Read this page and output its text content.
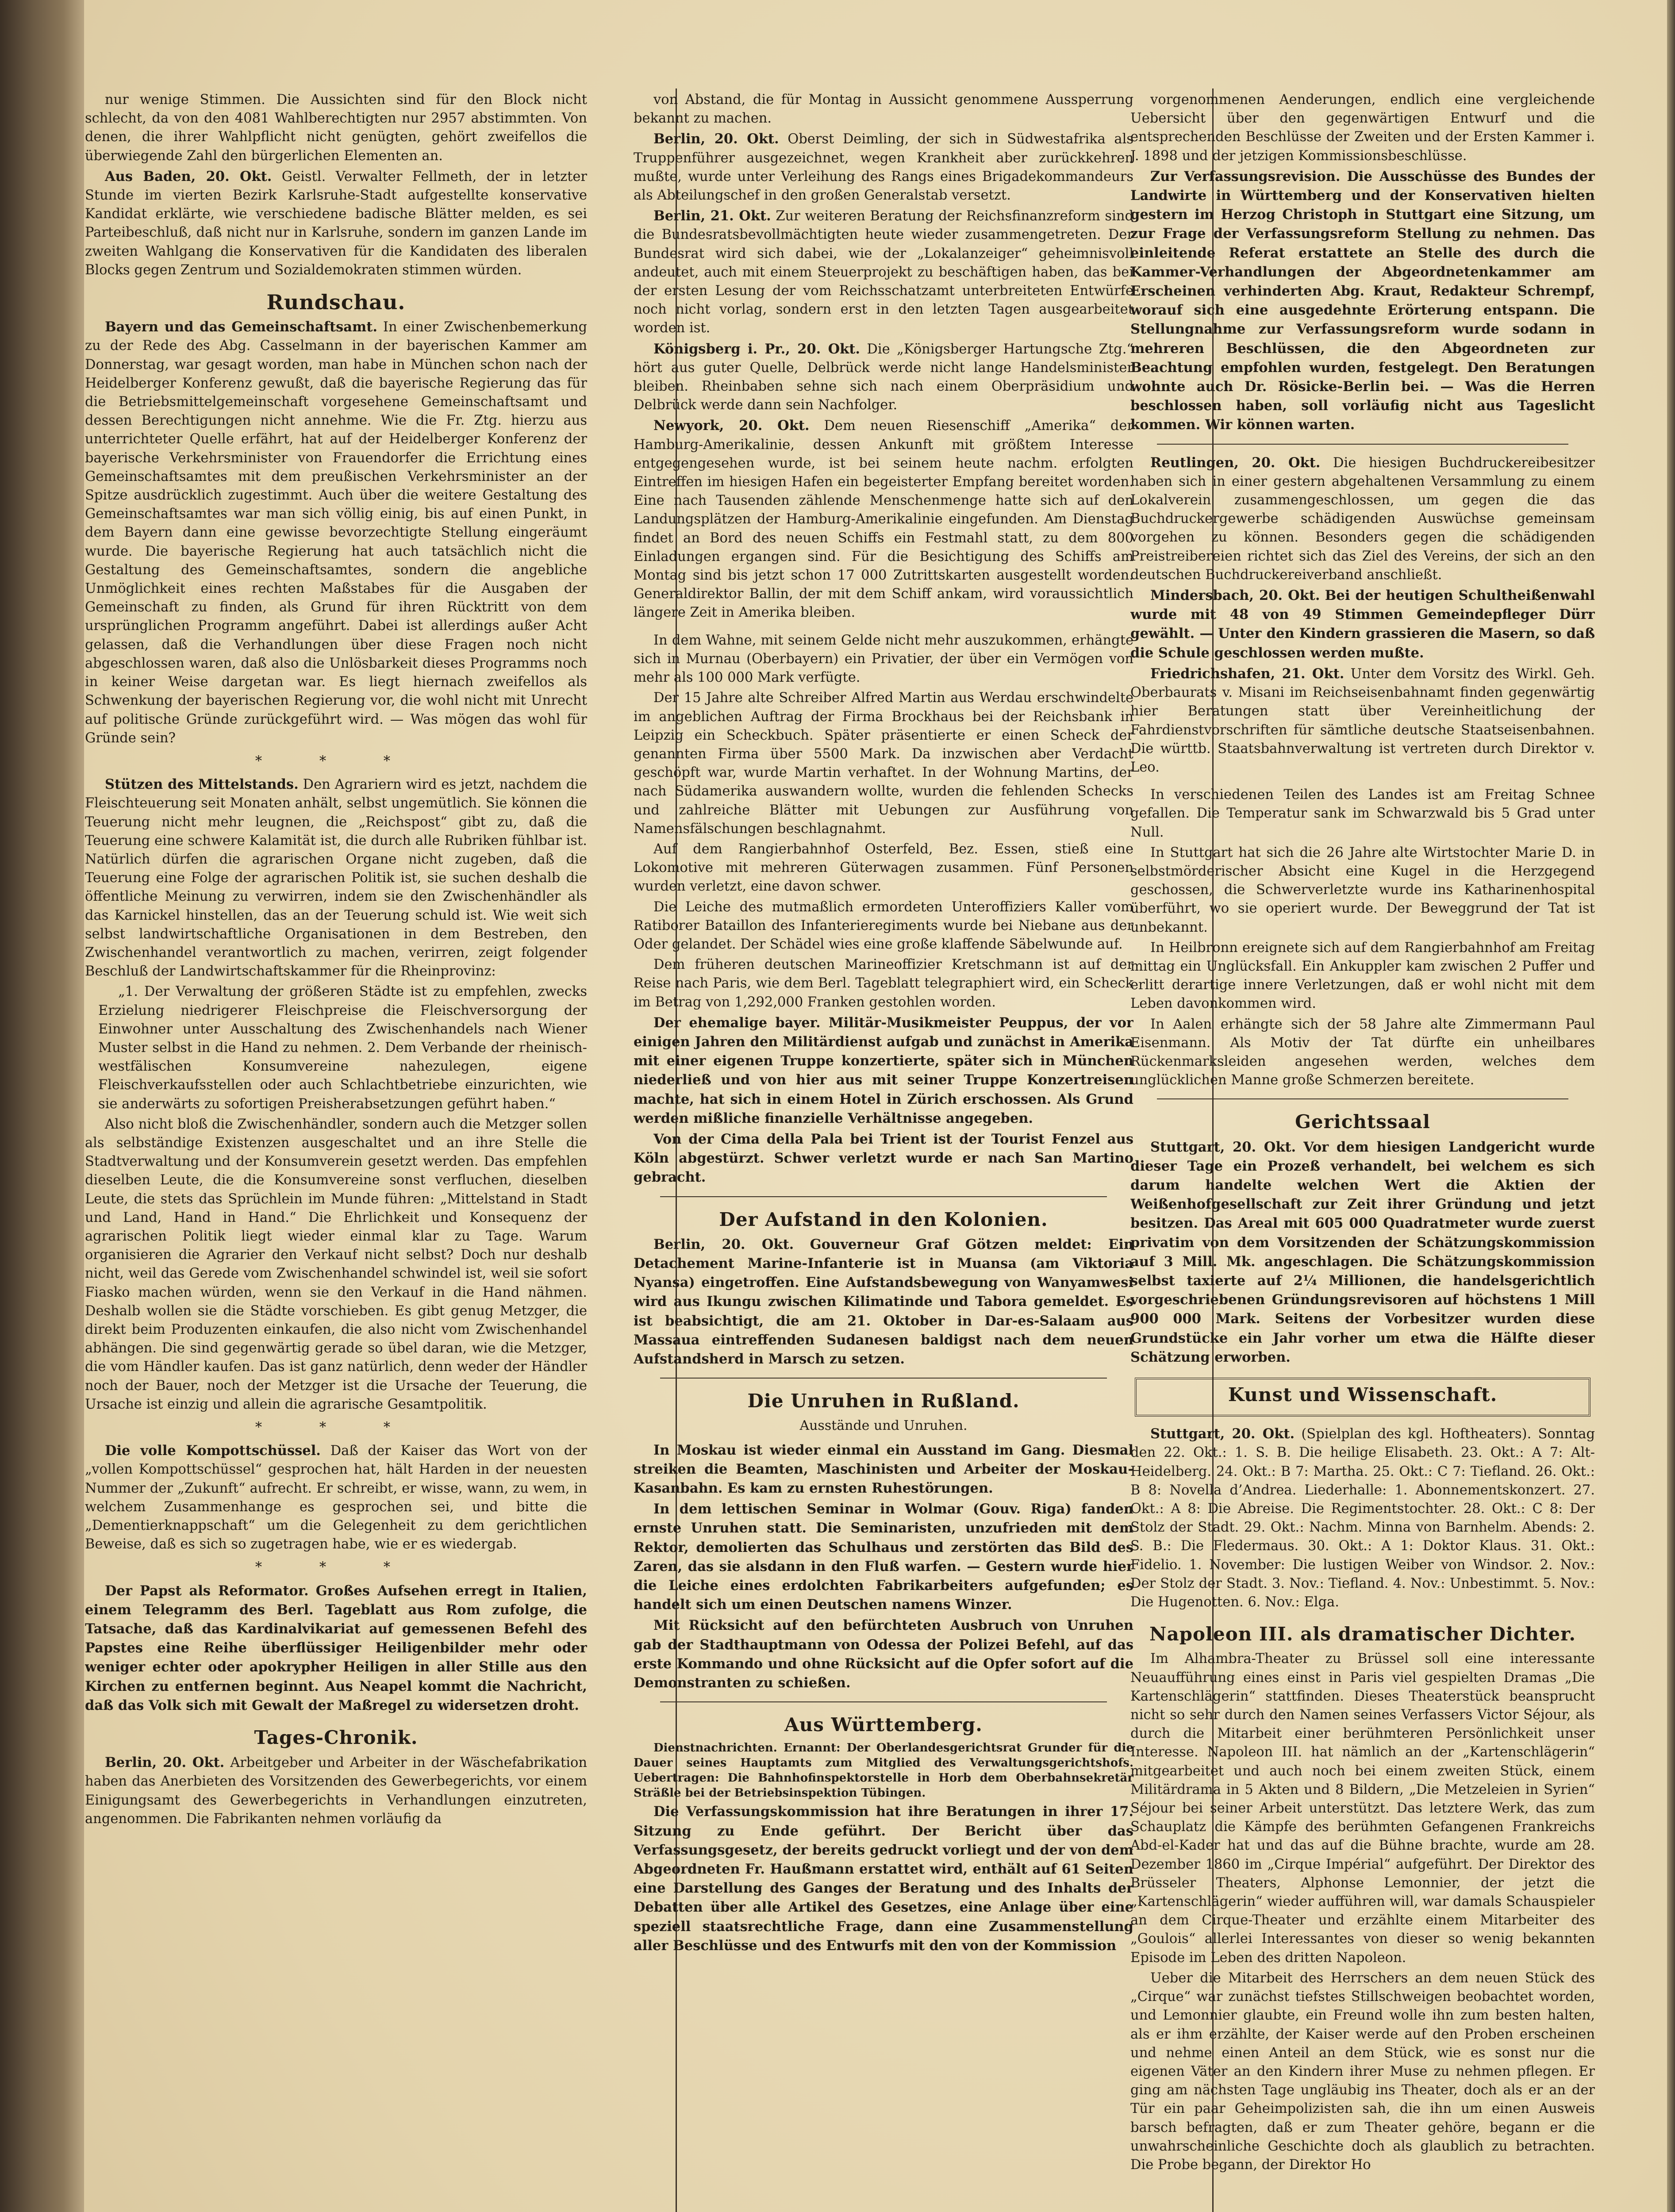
nur wenige Stimmen. Die Aussichten sind für den Block nicht schlecht, da von den 4081 Wahlberechtigten nur 2957 abstimmten. Von denen, die ihrer Wahlpflicht nicht genügten, gehört zweifellos die überwiegende Zahl den bürgerlichen Elementen an.

Aus Baden, 20. Okt. Geistl. Verwalter Fellmeth, der in letzter Stunde im vierten Bezirk Karlsruhe-Stadt aufgestellte konservative Kandidat erklärte, wie verschiedene badische Blätter melden, es sei Parteibeschluß, daß nicht nur in Karlsruhe, sondern im ganzen Lande im zweiten Wahlgang die Konservativen für die Kandidaten des liberalen Blocks gegen Zentrum und Sozialdemokraten stimmen würden.

Rundschau.

Bayern und das Gemeinschaftsamt. In einer Zwischenbemerkung zu der Rede des Abg. Casselmann in der bayerischen Kammer am Donnerstag, war gesagt worden, man habe in München schon nach der Heidelberger Konferenz gewußt, daß die bayerische Regierung das für die Betriebsmittelgemeinschaft vorgesehene Gemeinschaftsamt und dessen Berechtigungen nicht annehme. Wie die Fr. Ztg. hierzu aus unterrichteter Quelle erfährt, hat auf der Heidelberger Konferenz der bayerische Verkehrsminister von Frauendorfer die Errichtung eines Gemeinschaftsamtes mit dem preußischen Verkehrsminister an der Spitze ausdrücklich zugestimmt. Auch über die weitere Gestaltung des Gemeinschaftsamtes war man sich völlig einig, bis auf einen Punkt, in dem Bayern dann eine gewisse bevorzechtigte Stellung eingeräumt wurde. Die bayerische Regierung hat auch tatsächlich nicht die Gestaltung des Gemeinschaftsamtes, sondern die angebliche Unmöglichkeit eines rechten Maßstabes für die Ausgaben der Gemeinschaft zu finden, als Grund für ihren Rücktritt von dem ursprünglichen Programm angeführt. Dabei ist allerdings außer Acht gelassen, daß die Verhandlungen über diese Fragen noch nicht abgeschlossen waren, daß also die Unlösbarkeit dieses Programms noch in keiner Weise dargetan war. Es liegt hiernach zweifellos als Schwenkung der bayerischen Regierung vor, die wohl nicht mit Unrecht auf politische Gründe zurückgeführt wird. — Was mögen das wohl für Gründe sein?

* * *

Stützen des Mittelstands. Den Agrariern wird es jetzt, nachdem die Fleischteuerung seit Monaten anhält, selbst ungemütlich. Sie können die Teuerung nicht mehr leugnen, die „Reichspost“ gibt zu, daß die Teuerung eine schwere Kalamität ist, die durch alle Rubriken fühlbar ist. Natürlich dürfen die agrarischen Organe nicht zugeben, daß die Teuerung eine Folge der agrarischen Politik ist, sie suchen deshalb die öffentliche Meinung zu verwirren, indem sie den Zwischenhändler als das Karnickel hinstellen, das an der Teuerung schuld ist. Wie weit sich selbst landwirtschaftliche Organisationen in dem Bestreben, den Zwischenhandel verantwortlich zu machen, verirren, zeigt folgender Beschluß der Landwirtschaftskammer für die Rheinprovinz:

„1. Der Verwaltung der größeren Städte ist zu empfehlen, zwecks Erzielung niedrigerer Fleischpreise die Fleischversorgung der Einwohner unter Ausschaltung des Zwischenhandels nach Wiener Muster selbst in die Hand zu nehmen. 2. Dem Verbande der rheinisch-westfälischen Konsumvereine nahezulegen, eigene Fleischverkaufsstellen oder auch Schlachtbetriebe einzurichten, wie sie anderwärts zu sofortigen Preisherabsetzungen geführt haben.“

Also nicht bloß die Zwischenhändler, sondern auch die Metzger sollen als selbständige Existenzen ausgeschaltet und an ihre Stelle die Stadtverwaltung und der Konsumverein gesetzt werden. Das empfehlen dieselben Leute, die die Konsumvereine sonst verfluchen, dieselben Leute, die stets das Sprüchlein im Munde führen: „Mittelstand in Stadt und Land, Hand in Hand.“ Die Ehrlichkeit und Konsequenz der agrarischen Politik liegt wieder einmal klar zu Tage. Warum organisieren die Agrarier den Verkauf nicht selbst? Doch nur deshalb nicht, weil das Gerede vom Zwischenhandel schwindel ist, weil sie sofort Fiasko machen würden, wenn sie den Verkauf in die Hand nähmen. Deshalb wollen sie die Städte vorschieben. Es gibt genug Metzger, die direkt beim Produzenten einkaufen, die also nicht vom Zwischenhandel abhängen. Die sind gegenwärtig gerade so übel daran, wie die Metzger, die vom Händler kaufen. Das ist ganz natürlich, denn weder der Händler noch der Bauer, noch der Metzger ist die Ursache der Teuerung, die Ursache ist einzig und allein die agrarische Gesamtpolitik.

* * *

Die volle Kompottschüssel. Daß der Kaiser das Wort von der „vollen Kompottschüssel“ gesprochen hat, hält Harden in der neuesten Nummer der „Zukunft“ aufrecht. Er schreibt, er wisse, wann, zu wem, in welchem Zusammenhange es gesprochen sei, und bitte die „Dementierknappschaft“ um die Gelegenheit zu dem gerichtlichen Beweise, daß es sich so zugetragen habe, wie er es wiedergab.

* * *

Der Papst als Reformator. Großes Aufsehen erregt in Italien, einem Telegramm des Berl. Tageblatt aus Rom zufolge, die Tatsache, daß das Kardinalvikariat auf gemessenen Befehl des Papstes eine Reihe überflüssiger Heiligenbilder mehr oder weniger echter oder apokrypher Heiligen in aller Stille aus den Kirchen zu entfernen beginnt. Aus Neapel kommt die Nachricht, daß das Volk sich mit Gewalt der Maßregel zu widersetzen droht.

Tages-Chronik.

Berlin, 20. Okt. Arbeitgeber und Arbeiter in der Wäschefabrikation haben das Anerbieten des Vorsitzenden des Gewerbegerichts, vor einem Einigungsamt des Gewerbegerichts in Verhandlungen einzutreten, angenommen. Die Fabrikanten nehmen vorläufig da

von Abstand, die für Montag in Aussicht genommene Aussperrung bekannt zu machen.

Berlin, 20. Okt. Oberst Deimling, der sich in Südwestafrika als Truppenführer ausgezeichnet, wegen Krankheit aber zurückkehren mußte, wurde unter Verleihung des Rangs eines Brigadekommandeurs als Abteilungschef in den großen Generalstab versetzt.

Berlin, 21. Okt. Zur weiteren Beratung der Reichsfinanzreform sind die Bundesratsbevollmächtigten heute wieder zusammengetreten. Der Bundesrat wird sich dabei, wie der „Lokalanzeiger“ geheimnisvoll andeutet, auch mit einem Steuerprojekt zu beschäftigen haben, das bei der ersten Lesung der vom Reichsschatzamt unterbreiteten Entwürfe noch nicht vorlag, sondern erst in den letzten Tagen ausgearbeitet worden ist.

Königsberg i. Pr., 20. Okt. Die „Königsberger Hartungsche Ztg.“ hört aus guter Quelle, Delbrück werde nicht lange Handelsminister bleiben. Rheinbaben sehne sich nach einem Oberpräsidium und Delbrück werde dann sein Nachfolger.

Newyork, 20. Okt. Dem neuen Riesenschiff „Amerika“ der Hamburg-Amerikalinie, dessen Ankunft mit größtem Interesse entgegengesehen wurde, ist bei seinem heute nachm. erfolgten Eintreffen im hiesigen Hafen ein begeisterter Empfang bereitet worden. Eine nach Tausenden zählende Menschenmenge hatte sich auf den Landungsplätzen der Hamburg-Amerikalinie eingefunden. Am Dienstag findet an Bord des neuen Schiffs ein Festmahl statt, zu dem 800 Einladungen ergangen sind. Für die Besichtigung des Schiffs am Montag sind bis jetzt schon 17 000 Zutrittskarten ausgestellt worden. Generaldirektor Ballin, der mit dem Schiff ankam, wird voraussichtlich längere Zeit in Amerika bleiben.

In dem Wahne, mit seinem Gelde nicht mehr auszukommen, erhängte sich in Murnau (Oberbayern) ein Privatier, der über ein Vermögen von mehr als 100 000 Mark verfügte.

Der 15 Jahre alte Schreiber Alfred Martin aus Werdau erschwindelte im angeblichen Auftrag der Firma Brockhaus bei der Reichsbank in Leipzig ein Scheckbuch. Später präsentierte er einen Scheck der genannten Firma über 5500 Mark. Da inzwischen aber Verdacht geschöpft war, wurde Martin verhaftet. In der Wohnung Martins, der nach Südamerika auswandern wollte, wurden die fehlenden Schecks und zahlreiche Blätter mit Uebungen zur Ausführung von Namensfälschungen beschlagnahmt.

Auf dem Rangierbahnhof Osterfeld, Bez. Essen, stieß eine Lokomotive mit mehreren Güterwagen zusammen. Fünf Personen wurden verletzt, eine davon schwer.

Die Leiche des mutmaßlich ermordeten Unteroffiziers Kaller vom Ratiborer Bataillon des Infanterieregiments wurde bei Niebane aus der Oder gelandet. Der Schädel wies eine große klaffende Säbelwunde auf.

Dem früheren deutschen Marineoffizier Kretschmann ist auf der Reise nach Paris, wie dem Berl. Tageblatt telegraphiert wird, ein Scheck im Betrag von 1,292,000 Franken gestohlen worden.

Der ehemalige bayer. Militär-Musikmeister Peuppus, der vor einigen Jahren den Militärdienst aufgab und zunächst in Amerika mit einer eigenen Truppe konzertierte, später sich in München niederließ und von hier aus mit seiner Truppe Konzertreisen machte, hat sich in einem Hotel in Zürich erschossen. Als Grund werden mißliche finanzielle Verhältnisse angegeben.

Von der Cima della Pala bei Trient ist der Tourist Fenzel aus Köln abgestürzt. Schwer verletzt wurde er nach San Martino gebracht.

Der Aufstand in den Kolonien.

Berlin, 20. Okt. Gouverneur Graf Götzen meldet: Ein Detachement Marine-Infanterie ist in Muansa (am Viktoria Nyansa) eingetroffen. Eine Aufstandsbewegung von Wanyamwesi wird aus Ikungu zwischen Kilimatinde und Tabora gemeldet. Es ist beabsichtigt, die am 21. Oktober in Dar-es-Salaam aus Massaua eintreffenden Sudanesen baldigst nach dem neuen Aufstandsherd in Marsch zu setzen.

Die Unruhen in Rußland.
Ausstände und Unruhen.

In Moskau ist wieder einmal ein Ausstand im Gang. Diesmal streiken die Beamten, Maschinisten und Arbeiter der Moskau-Kasanbahn. Es kam zu ernsten Ruhestörungen.

In dem lettischen Seminar in Wolmar (Gouv. Riga) fanden ernste Unruhen statt. Die Seminaristen, unzufrieden mit dem Rektor, demolierten das Schulhaus und zerstörten das Bild des Zaren, das sie alsdann in den Fluß warfen. — Gestern wurde hier die Leiche eines erdolchten Fabrikarbeiters aufgefunden; es handelt sich um einen Deutschen namens Winzer.

Mit Rücksicht auf den befürchteten Ausbruch von Unruhen gab der Stadthauptmann von Odessa der Polizei Befehl, auf das erste Kommando und ohne Rücksicht auf die Opfer sofort auf die Demonstranten zu schießen.

Aus Württemberg.

Dienstnachrichten. Ernannt: Der Oberlandesgerichtsrat Grunder für die Dauer seines Hauptamts zum Mitglied des Verwaltungsgerichtshofs. Uebertragen: Die Bahnhofinspektorstelle in Horb dem Oberbahnsekretär Sträßle bei der Betriebsinspektion Tübingen.

Die Verfassungskommission hat ihre Beratungen in ihrer 17. Sitzung zu Ende geführt. Der Bericht über das Verfassungsgesetz, der bereits gedruckt vorliegt und der von dem Abgeordneten Fr. Haußmann erstattet wird, enthält auf 61 Seiten eine Darstellung des Ganges der Beratung und des Inhalts der Debatten über alle Artikel des Gesetzes, eine Anlage über eine speziell staatsrechtliche Frage, dann eine Zusammenstellung aller Beschlüsse und des Entwurfs mit den von der Kommission

vorgenommenen Aenderungen, endlich eine vergleichende Uebersicht über den gegenwärtigen Entwurf und die entsprechenden Beschlüsse der Zweiten und der Ersten Kammer i. J. 1898 und der jetzigen Kommissionsbeschlüsse.

Zur Verfassungsrevision. Die Ausschüsse des Bundes der Landwirte in Württemberg und der Konservativen hielten gestern im Herzog Christoph in Stuttgart eine Sitzung, um zur Frage der Verfassungsreform Stellung zu nehmen. Das einleitende Referat erstattete an Stelle des durch die Kammer-Verhandlungen der Abgeordnetenkammer am Erscheinen verhinderten Abg. Kraut, Redakteur Schrempf, worauf sich eine ausgedehnte Erörterung entspann. Die Stellungnahme zur Verfassungsreform wurde sodann in mehreren Beschlüssen, die den Abgeordneten zur Beachtung empfohlen wurden, festgelegt. Den Beratungen wohnte auch Dr. Rösicke-Berlin bei. — Was die Herren beschlossen haben, soll vorläufig nicht aus Tageslicht kommen. Wir können warten.

Reutlingen, 20. Okt. Die hiesigen Buchdruckereibesitzer haben sich in einer gestern abgehaltenen Versammlung zu einem Lokalverein zusammengeschlossen, um gegen die das Buchdruckergewerbe schädigenden Auswüchse gemeinsam vorgehen zu können. Besonders gegen die schädigenden Preistreibereien richtet sich das Ziel des Vereins, der sich an den deutschen Buchdruckereiverband anschließt.

Mindersbach, 20. Okt. Bei der heutigen Schultheißenwahl wurde mit 48 von 49 Stimmen Gemeindepfleger Dürr gewählt. — Unter den Kindern grassieren die Masern, so daß die Schule geschlossen werden mußte.

Friedrichshafen, 21. Okt. Unter dem Vorsitz des Wirkl. Geh. Oberbaurats v. Misani im Reichseisenbahnamt finden gegenwärtig hier Beratungen statt über Vereinheitlichung der Fahrdienstvorschriften für sämtliche deutsche Staatseisenbahnen. Die württb. Staatsbahnverwaltung ist vertreten durch Direktor v. Leo.

In verschiedenen Teilen des Landes ist am Freitag Schnee gefallen. Die Temperatur sank im Schwarzwald bis 5 Grad unter Null.

In Stuttgart hat sich die 26 Jahre alte Wirtstochter Marie D. in selbstmörderischer Absicht eine Kugel in die Herzgegend geschossen, die Schwerverletzte wurde ins Katharinenhospital überführt, wo sie operiert wurde. Der Beweggrund der Tat ist unbekannt.

In Heilbronn ereignete sich auf dem Rangierbahnhof am Freitag mittag ein Unglücksfall. Ein Ankuppler kam zwischen 2 Puffer und erlitt derartige innere Verletzungen, daß er wohl nicht mit dem Leben davonkommen wird.

In Aalen erhängte sich der 58 Jahre alte Zimmermann Paul Eisenmann. Als Motiv der Tat dürfte ein unheilbares Rückenmarksleiden angesehen werden, welches dem unglücklichen Manne große Schmerzen bereitete.

Gerichtssaal

Stuttgart, 20. Okt. Vor dem hiesigen Landgericht wurde dieser Tage ein Prozeß verhandelt, bei welchem es sich darum handelte welchen Wert die Aktien der Weißenhofgesellschaft zur Zeit ihrer Gründung und jetzt besitzen. Das Areal mit 605 000 Quadratmeter wurde zuerst privatim von dem Vorsitzenden der Schätzungskommission auf 3 Mill. Mk. angeschlagen. Die Schätzungskommission selbst taxierte auf 2¼ Millionen, die handelsgerichtlich vorgeschriebenen Gründungsrevisoren auf höchstens 1 Mill 900 000 Mark. Seitens der Vorbesitzer wurden diese Grundstücke ein Jahr vorher um etwa die Hälfte dieser Schätzung erworben.

Kunst und Wissenschaft.

Stuttgart, 20. Okt. (Spielplan des kgl. Hoftheaters). Sonntag den 22. Okt.: 1. S. B. Die heilige Elisabeth. 23. Okt.: A 7: Alt-Heidelberg. 24. Okt.: B 7: Martha. 25. Okt.: C 7: Tiefland. 26. Okt.: B 8: Novella d’Andrea. Liederhalle: 1. Abonnementskonzert. 27. Okt.: A 8: Die Abreise. Die Regimentstochter. 28. Okt.: C 8: Der Stolz der Stadt. 29. Okt.: Nachm. Minna von Barnhelm. Abends: 2. S. B.: Die Fledermaus. 30. Okt.: A 1: Doktor Klaus. 31. Okt.: Fidelio. 1. November: Die lustigen Weiber von Windsor. 2. Nov.: Der Stolz der Stadt. 3. Nov.: Tiefland. 4. Nov.: Unbestimmt. 5. Nov.: Die Hugenotten. 6. Nov.: Elga.

Napoleon III. als dramatischer Dichter.

Im Alhambra-Theater zu Brüssel soll eine interessante Neuaufführung eines einst in Paris viel gespielten Dramas „Die Kartenschlägerin“ stattfinden. Dieses Theaterstück beansprucht nicht so sehr durch den Namen seines Verfassers Victor Séjour, als durch die Mitarbeit einer berühmteren Persönlichkeit unser Interesse. Napoleon III. hat nämlich an der „Kartenschlägerin“ mitgearbeitet und auch noch bei einem zweiten Stück, einem Militärdrama in 5 Akten und 8 Bildern, „Die Metzeleien in Syrien“ Séjour bei seiner Arbeit unterstützt. Das letztere Werk, das zum Schauplatz die Kämpfe des berühmten Gefangenen Frankreichs Abd-el-Kader hat und das auf die Bühne brachte, wurde am 28. Dezember 1860 im „Cirque Impérial“ aufgeführt. Der Direktor des Brüsseler Theaters, Alphonse Lemonnier, der jetzt die „Kartenschlägerin“ wieder aufführen will, war damals Schauspieler an dem Cirque-Theater und erzählte einem Mitarbeiter des „Goulois“ allerlei Interessantes von dieser so wenig bekannten Episode im Leben des dritten Napoleon.

Ueber die Mitarbeit des Herrschers an dem neuen Stück des „Cirque“ war zunächst tiefstes Stillschweigen beobachtet worden, und Lemonnier glaubte, ein Freund wolle ihn zum besten halten, als er ihm erzählte, der Kaiser werde auf den Proben erscheinen und nehme einen Anteil an dem Stück, wie es sonst nur die eigenen Väter an den Kindern ihrer Muse zu nehmen pflegen. Er ging am nächsten Tage ungläubig ins Theater, doch als er an der Tür ein paar Geheimpolizisten sah, die ihn um einen Ausweis barsch befragten, daß er zum Theater gehöre, begann er die unwahrscheinliche Geschichte doch als glaublich zu betrachten. Die Probe begann, der Direktor Ho
